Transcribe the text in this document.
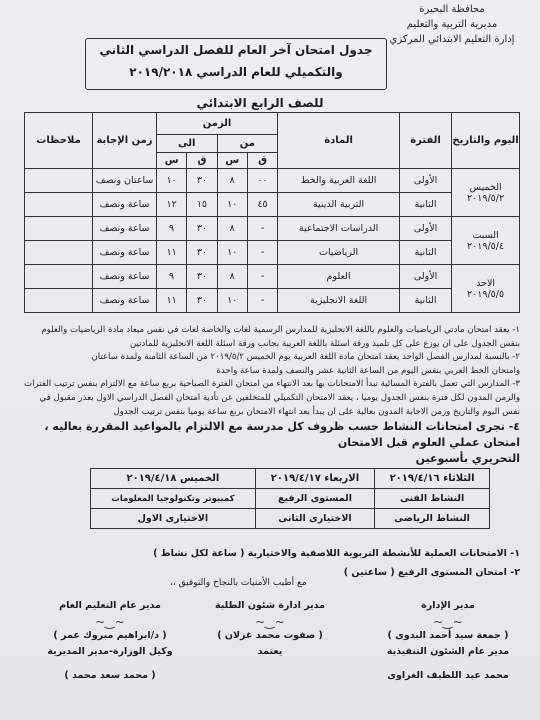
محافظة البحيرة
مديرية التربية والتعليم
إدارة التعليم الابتدائي المركزي
جدول امتحان آخر العام للفصل الدراسي الثاني
والتكميلي للعام الدراسي ٢٠١٩/٢٠١٨
للصف الرابع الابتدائي
اليوم والتاريخ	الفترة	المادة	الزمن				زمن الإجابة	ملاحظات
			من		الى			
			ق	س	ق	س		

الخميس
٢٠١٩/٥/٢	الأولى	اللغة العربية والخط	٠٠	٨	٣٠	١٠	ساعتان ونصف	
	الثانية	التربية الدينية	٤٥	١٠	١٥	١٢	ساعة ونصف	

السبت
٢٠١٩/٥/٤	الأولى	الدراسات الاجتماعية	-	٨	٣٠	٩	ساعة ونصف	
	الثانية	الرياضيات	-	١٠	٣٠	١١	ساعة ونصف	

الاحد
٢٠١٩/٥/٥	الأولى	العلوم	-	٨	٣٠	٩	ساعة ونصف	
	الثانية	اللغة الانجليزية	-	١٠	٣٠	١١	ساعة ونصف	

١- يعقد امتحان مادتي الرياضيات والعلوم باللغة الانجليزية للمدارس الرسمية لغات والخاصة لغات في نفس ميعاد مادة الرياضيات والعلوم

بنفس الجدول على ان يوزع على كل تلميذ ورقة اسئلة باللغة العربية بجانب ورقة اسئلة اللغة الانجليزية للمادتين

٢- بالنسبة لمدارس الفصل الواحد يعقد امتحان مادة اللغة العربية يوم الخميس ٢٠١٩/٥/٢ من الساعة الثامنة ولمدة ساعتان

وامتحان الخط العربي بنفس اليوم من الساعة الثانية عشر والنصف ولمدة ساعة واحدة

٣- المدارس التي تعمل بالفترة المسائية تبدأ الامتحانات بها بعد الانتهاء من امتحان الفترة الصباحية بربع ساعة مع الالتزام بنفس ترتيب الفترات

والزمن المدون لكل فترة بنفس الجدول يوميا ، يعقد الامتحان التكميلي للمتخلفين عن تأدية امتحان الفصل الدراسي الاول بعذر مقبول في

نفس اليوم والتاريخ وزمن الاجابة المدون بعالية على ان يبدأ بعد انتهاء الامتحان بربع ساعة يوميا بنفس ترتيب الجدول

٤- تجرى امتحانات النشاط حسب ظروف كل مدرسة مع الالتزام بالمواعيد المقررة بعاليه ، امتحان عملي العلوم قبل الامتحان

التحريري بأسبوعين

الثلاثاء ٢٠١٩/٤/١٦	الاربعاء ٢٠١٩/٤/١٧	الخميس ٢٠١٩/٤/١٨
النشاط الفنى	المستوى الرفيع	كمبيوتر وتكنولوجيا المعلومات
النشاط الرياضى	الاختيارى الثانى	الاختيارى الاول

١- الامتحانات العملية للأنشطة التربوية اللاصفية والاختيارية ( ساعة لكل نشاط )

٢- امتحان المستوى الرفيع ( ساعتين )

مع أطيب الأمنيات بالنجاح والتوفيق ،،
مدير الإدارة
~‿~
( جمعة سيد أحمد البدوى )
مدير عام الشئون التنفيذية
محمد عبد اللطيف الغراوى
مدير ادارة شئون الطلبة
~‿~
( صفوت محمد غزلان )
يعتمد
مدير عام التعليم العام
~‿~
( د/ابراهيم مبروك عمر )
وكيل الوزارة-مدير المديرية
( محمد سعد محمد )
